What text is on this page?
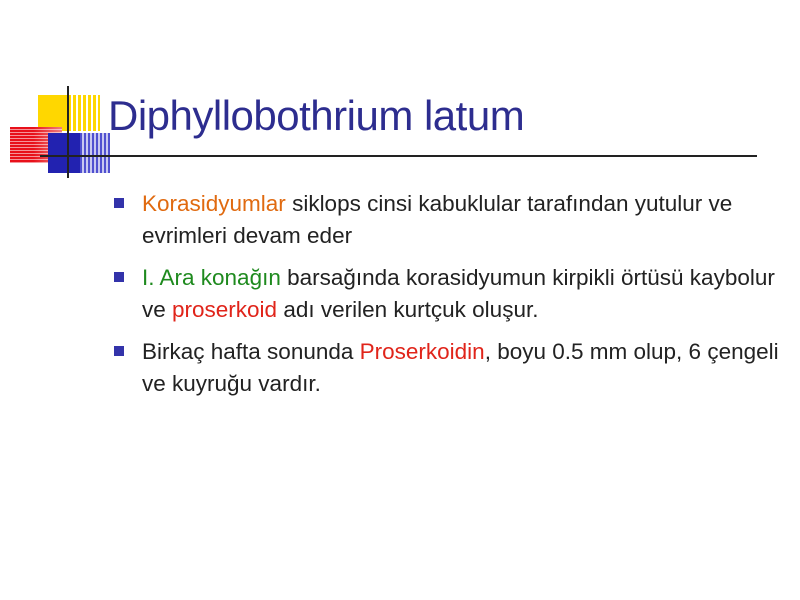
Diphyllobothrium latum
Korasidyumlar siklops cinsi kabuklular tarafından yutulur ve evrimleri devam eder
I. Ara konağın barsağında korasidyumun kirpikli örtüsü kaybolur ve proserkoid adı verilen kurtçuk oluşur.
Birkaç hafta sonunda Proserkoidin, boyu 0.5 mm olup, 6 çengeli ve kuyruğu vardır.
